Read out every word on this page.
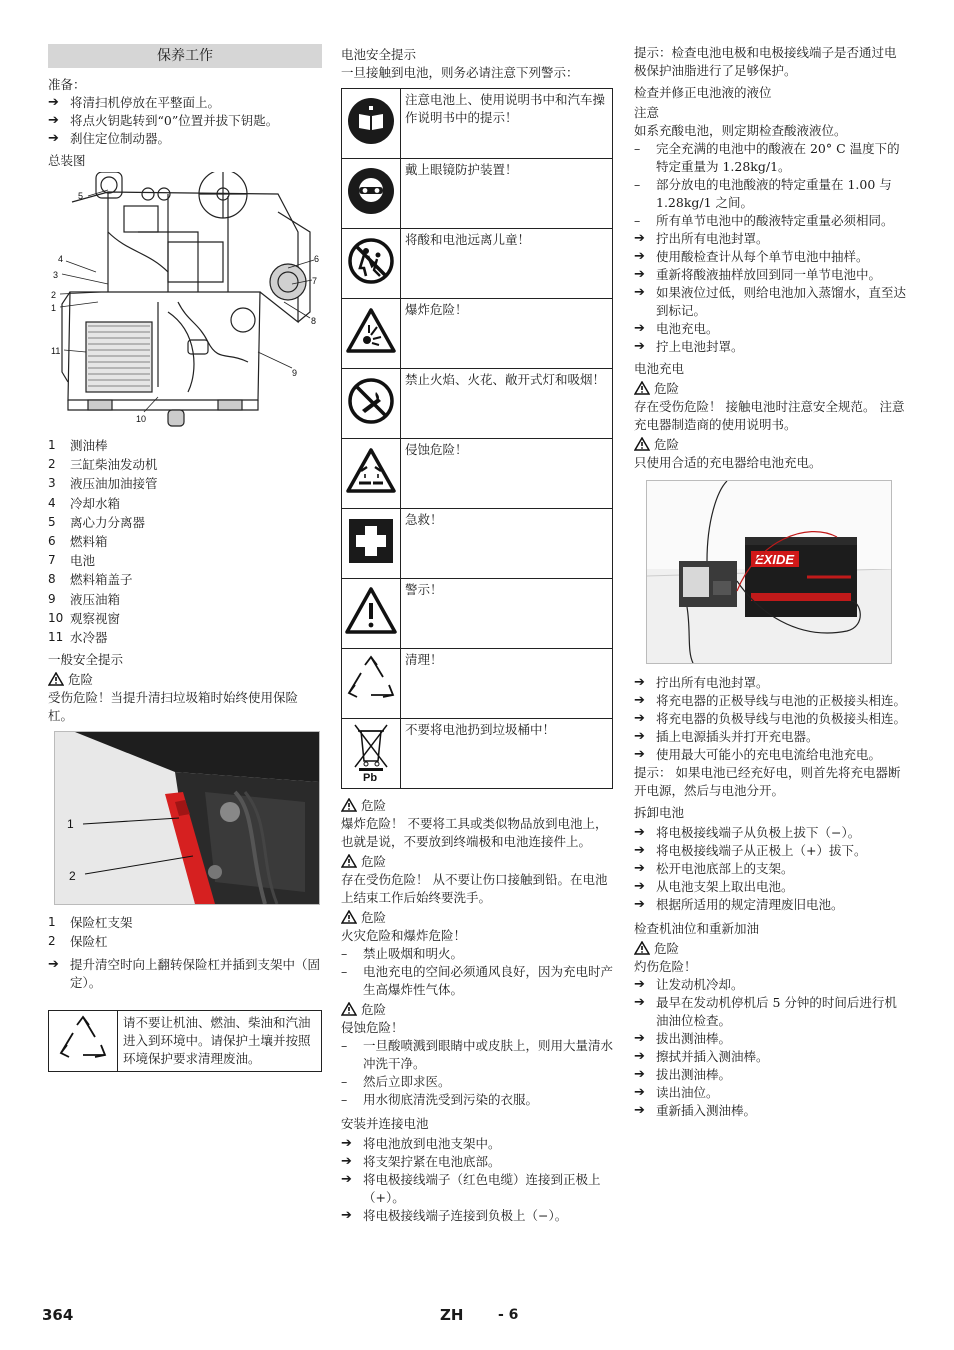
保养工作

准备：

➔ 将清扫机停放在平整面上。
➔ 将点火钥匙转到“0”位置并拔下钥匙。
➔ 刹住定位制动器。

总装图

5
4
3
2
1
11
6
7
8
9
10
1	测油棒
2	三缸柴油发动机
3	液压油加油接管
4	冷却水箱
5	离心力分离器
6	燃料箱
7	电池
8	燃料箱盖子
9	液压油箱
10 观察视窗
11 水冷器

一般安全提示

危险

受伤危险！当提升清扫垃圾箱时始终使用保险杠。

1
2
1	保险杠支架
2	保险杠
➔ 提升清空时向上翻转保险杠并插到支架中（固定）。
请不要让机油、燃油、柴油和汽油进入到环境中。请保护土壤并按照环境保护要求清理废油。

电池安全提示

一旦接触到电池，则务必请注意下列警示：

	注意电池上、使用说明书中和汽车操作说明书中的提示！
	戴上眼镜防护装置！
	将酸和电池远离儿童！
	爆炸危险！
	禁止火焰、火花、敞开式灯和吸烟！
	侵蚀危险！
	急救！
	警示！
	清理！

Pb	不要将电池扔到垃圾桶中！
危险

爆炸危险！ 不要将工具或类似物品放到电池上，也就是说，不要放到终端极和电池连接件上。

危险

存在受伤危险！ 从不要让伤口接触到铅。在电池上结束工作后始终要洗手。

危险

火灾危险和爆炸危险！

– 禁止吸烟和明火。
– 电池充电的空间必须通风良好，因为充电时产生高爆炸性气体。
危险

侵蚀危险！

– 一旦酸喷溅到眼睛中或皮肤上，则用大量清水冲洗干净。
– 然后立即求医。
– 用水彻底清洗受到污染的衣服。

安装并连接电池

➔ 将电池放到电池支架中。
➔ 将支架拧紧在电池底部。
➔ 将电极接线端子（红色电缆）连接到正极上（+）。
➔ 将电极接线端子连接到负极上（−）。

提示：检查电池电极和电极接线端子是否通过电极保护油脂进行了足够保护。

检查并修正电池液的液位

注意

如系充酸电池，则定期检查酸液液位。

– 完全充满的电池中的酸液在 20° C 温度下的特定重量为 1.28kg/1。
– 部分放电的电池酸液的特定重量在 1.00 与 1.28kg/1 之间。
– 所有单节电池中的酸液特定重量必须相同。
➔ 拧出所有电池封罩。
➔ 使用酸检查计从每个单节电池中抽样。
➔ 重新将酸液抽样放回到同一单节电池中。
➔ 如果液位过低，则给电池加入蒸馏水，直至达到标记。
➔ 电池充电。
➔ 拧上电池封罩。

电池充电

危险

存在受伤危险！ 接触电池时注意安全规范。 注意充电器制造商的使用说明书。

危险

只使用合适的充电器给电池充电。

EXIDE
➔ 拧出所有电池封罩。
➔ 将充电器的正极导线与电池的正极接头相连。
➔ 将充电器的负极导线与电池的负极接头相连。
➔ 插上电源插头并打开充电器。
➔ 使用最大可能小的充电电流给电池充电。

提示： 如果电池已经充好电，则首先将充电器断开电源，然后与电池分开。

拆卸电池

➔ 将电极接线端子从负极上拔下（−）。
➔ 将电极接线端子从正极上（+）拔下。
➔ 松开电池底部上的支架。
➔ 从电池支架上取出电池。
➔ 根据所适用的规定清理废旧电池。

检查机油位和重新加油

危险

灼伤危险！

➔ 让发动机冷却。
➔ 最早在发动机停机后 5 分钟的时间后进行机油油位检查。
➔ 拔出测油棒。
➔ 擦拭并插入测油棒。
➔ 拔出测油棒。
➔ 读出油位。
➔ 重新插入测油棒。
364	ZH - 6
